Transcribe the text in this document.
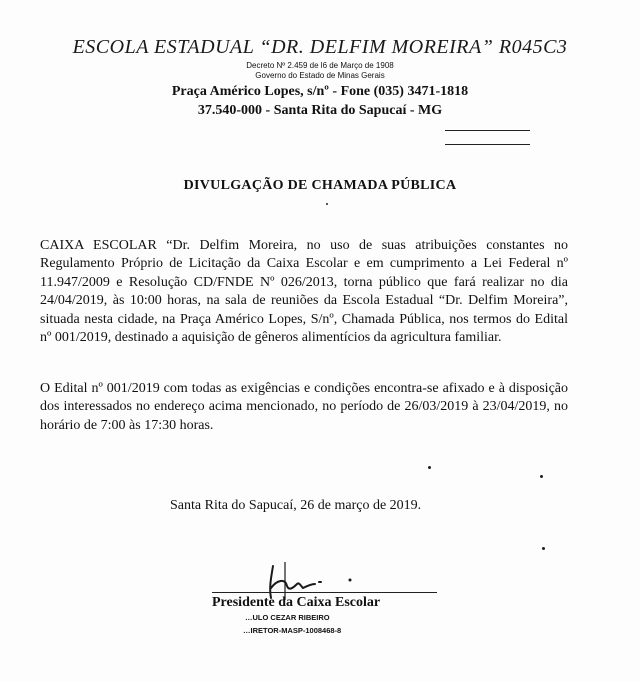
ESCOLA ESTADUAL “DR. DELFIM MOREIRA” R045C3
Decreto Nº 2.459 de l6 de Março de 1908
Governo do Estado de Minas Gerais
Praça Américo Lopes, s/nº - Fone (035) 3471-1818
37.540-000 - Santa Rita do Sapucaí - MG
DIVULGAÇÃO DE CHAMADA PÚBLICA
CAIXA ESCOLAR “Dr. Delfim Moreira, no uso de suas atribuições constantes no Regulamento Próprio de Licitação da Caixa Escolar e em cumprimento a Lei Federal nº 11.947/2009 e Resolução CD/FNDE Nº 026/2013, torna público que fará realizar no dia 24/04/2019, às 10:00 horas, na sala de reuniões da Escola Estadual “Dr. Delfim Moreira”, situada nesta cidade, na Praça Américo Lopes, S/nº, Chamada Pública, nos termos do Edital nº 001/2019, destinado a aquisição de gêneros alimentícios da agricultura familiar.
O Edital nº 001/2019 com todas as exigências e condições encontra-se afixado e à disposição dos interessados no endereço acima mencionado, no período de 26/03/2019 à 23/04/2019, no horário de 7:00 às 17:30 horas.
Santa Rita do Sapucaí, 26 de março de 2019.
Presidente da Caixa Escolar
…ULO CEZAR RIBEIRO
…IRETOR-MASP-1008468-8
